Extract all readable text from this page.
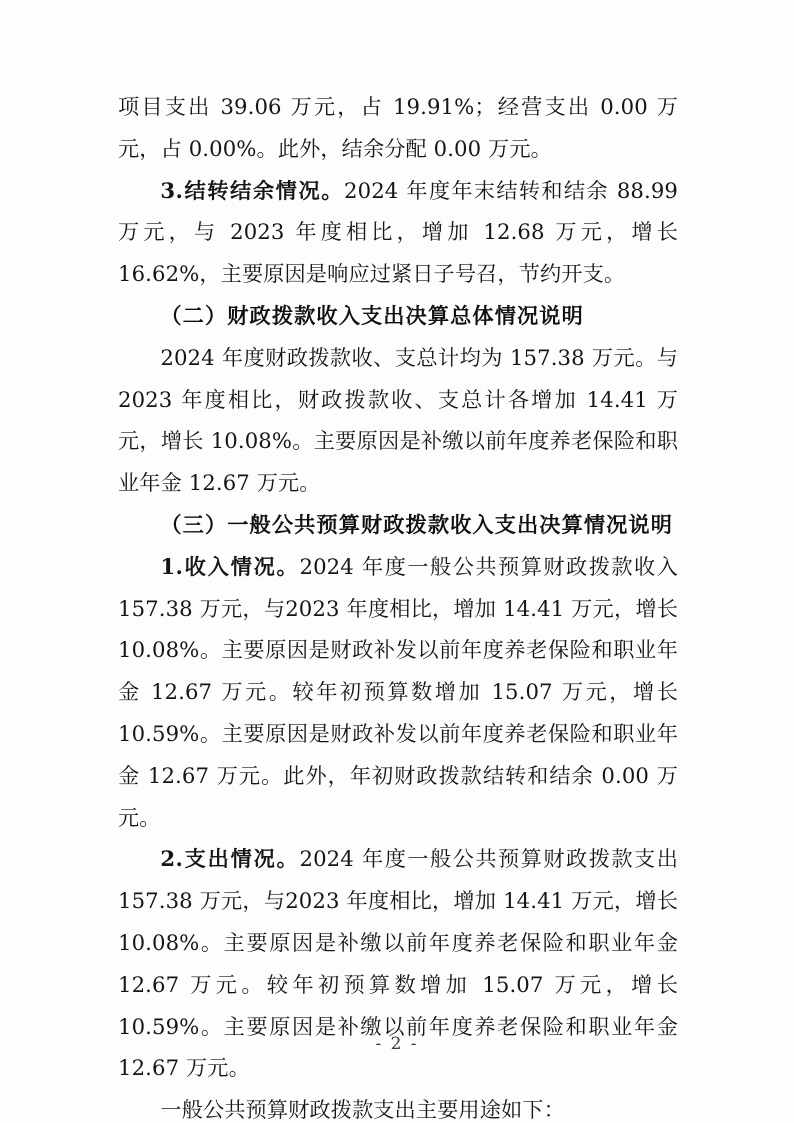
项目支出 39.06 万元，占 19.91%；经营支出 0.00 万元，占 0.00%。此外，结余分配 0.00 万元。

3.结转结余情况。2024 年度年末结转和结余 88.99 万元，与 2023 年度相比，增加 12.68 万元，增长 16.62%，主要原因是响应过紧日子号召，节约开支。

（二）财政拨款收入支出决算总体情况说明

2024 年度财政拨款收、支总计均为 157.38 万元。与 2023 年度相比，财政拨款收、支总计各增加 14.41 万元，增长 10.08%。主要原因是补缴以前年度养老保险和职业年金 12.67 万元。

（三）一般公共预算财政拨款收入支出决算情况说明

1.收入情况。2024 年度一般公共预算财政拨款收入 157.38 万元，与2023 年度相比，增加 14.41 万元，增长 10.08%。主要原因是财政补发以前年度养老保险和职业年金 12.67 万元。较年初预算数增加 15.07 万元，增长 10.59%。主要原因是财政补发以前年度养老保险和职业年金 12.67 万元。此外，年初财政拨款结转和结余 0.00 万元。

2.支出情况。2024 年度一般公共预算财政拨款支出 157.38 万元，与2023 年度相比，增加 14.41 万元，增长 10.08%。主要原因是补缴以前年度养老保险和职业年金 12.67 万元。较年初预算数增加 15.07 万元，增长 10.59%。主要原因是补缴以前年度养老保险和职业年金 12.67 万元。

一般公共预算财政拨款支出主要用途如下：

- 2 -
